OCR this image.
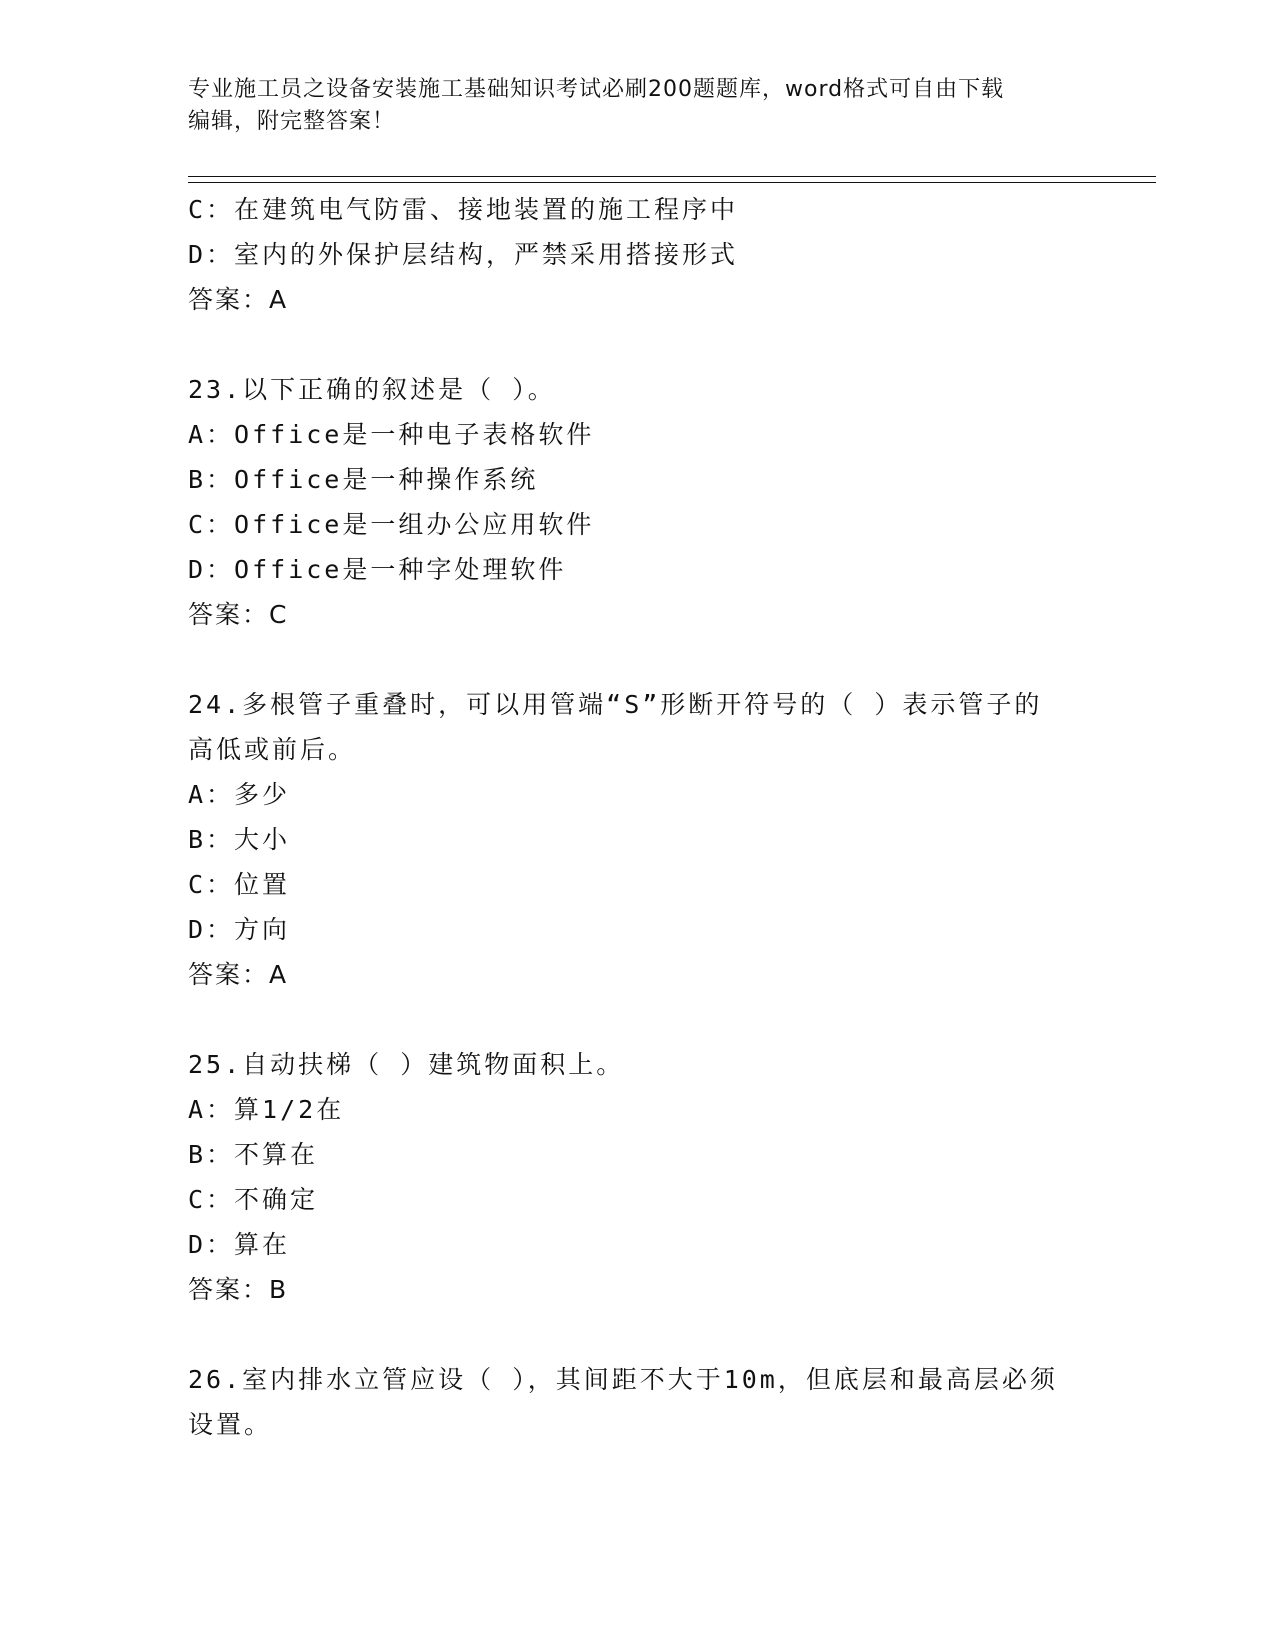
专业施工员之设备安装施工基础知识考试必刷200题题库，word格式可自由下载
编辑，附完整答案！
C：在建筑电气防雷、接地装置的施工程序中
D：室内的外保护层结构，严禁采用搭接形式
答案：A
23.以下正确的叙述是（ ）。
A：Office是一种电子表格软件
B：Office是一种操作系统
C：Office是一组办公应用软件
D：Office是一种字处理软件
答案：C
24.多根管子重叠时，可以用管端“S”形断开符号的（ ）表示管子的
高低或前后。
A：多少
B：大小
C：位置
D：方向
答案：A
25.自动扶梯（ ）建筑物面积上。
A：算1/2在
B：不算在
C：不确定
D：算在
答案：B
26.室内排水立管应设（ ），其间距不大于10m，但底层和最高层必须
设置。
